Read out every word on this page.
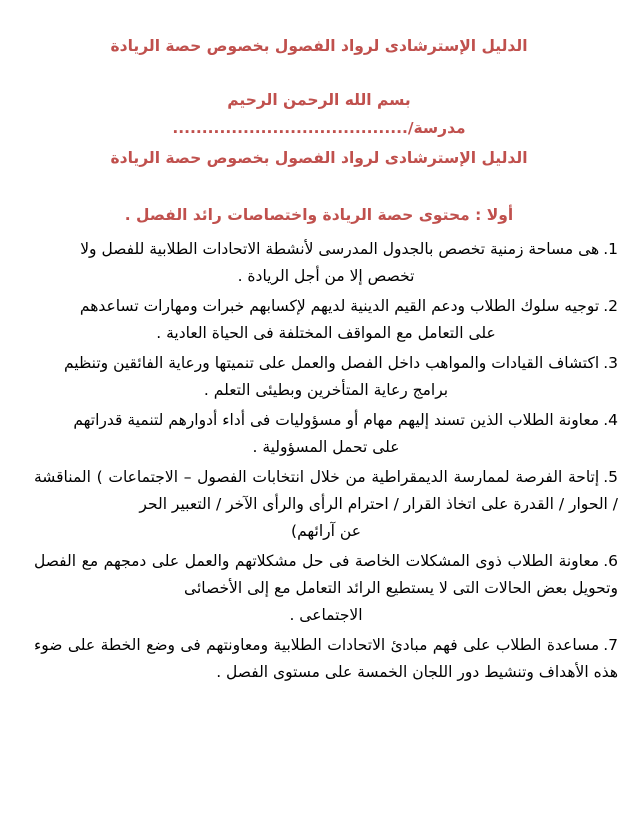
الدليل الإسترشادى لرواد الفصول بخصوص حصة الريادة
بسم الله الرحمن الرحيم
مدرسة/........................................
الدليل الإسترشادى لرواد الفصول بخصوص حصة الريادة
أولا : محتوى حصة الريادة واختصاصات رائد الفصل .
1.هى مساحة زمنية تخصص بالجدول المدرسى لأنشطة الاتحادات الطلابية للفصل ولا
تخصص إلا من أجل الريادة .
2.توجيه سلوك الطلاب ودعم القيم الدينية لديهم لإكسابهم خبرات ومهارات تساعدهم
على التعامل مع المواقف المختلفة فى الحياة العادية .
3.اكتشاف القيادات والمواهب داخل الفصل والعمل على تنميتها ورعاية الفائقين وتنظيم
برامج رعاية المتأخرين وبطيئى التعلم .
4.معاونة الطلاب الذين تسند إليهم مهام أو مسؤوليات فى أداء أدوارهم لتنمية قدراتهم
على تحمل المسؤولية .
5.إتاحة الفرصة لممارسة الديمقراطية من خلال انتخابات الفصول – الاجتماعات ) المناقشة / الحوار / القدرة على اتخاذ القرار / احترام الرأى والرأى الآخر / التعبير الحر
عن آرائهم)
6.معاونة الطلاب ذوى المشكلات الخاصة فى حل مشكلاتهم والعمل على دمجهم مع الفصل وتحويل بعض الحالات التى لا يستطيع الرائد التعامل مع إلى الأخصائى
الاجتماعى .
7.مساعدة الطلاب على فهم مبادئ الاتحادات الطلابية ومعاونتهم فى وضع الخطة على ضوء هذه الأهداف وتنشيط دور اللجان الخمسة على مستوى الفصل .
